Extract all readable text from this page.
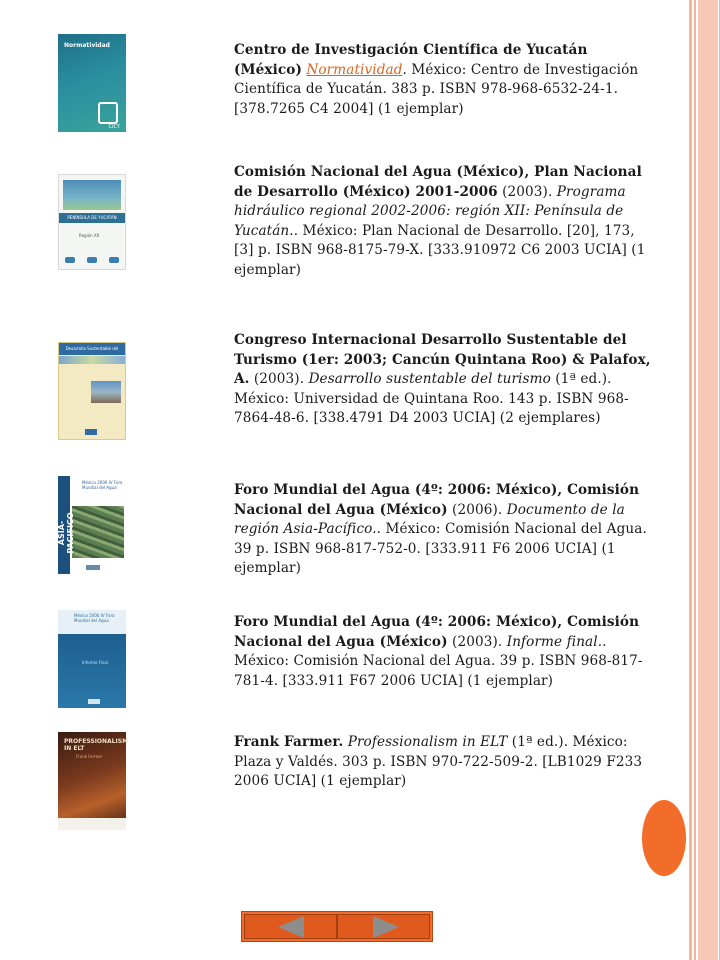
Normatividad
CICY
Centro de Investigación Científica de Yucatán (México) Normatividad. México: Centro de Investigación Científica de Yucatán. 383 p. ISBN 978-968-6532-24-1. [378.7265 C4 2004] (1 ejemplar)
PENÍNSULA DE YUCATÁN
Región XII
Comisión Nacional del Agua (México), Plan Nacional de Desarrollo (México) 2001-2006 (2003). Programa hidráulico regional 2002-2006: región XII: Península de Yucatán.. México: Plan Nacional de Desarrollo. [20], 173, [3] p. ISBN 968-8175-79-X. [333.910972 C6 2003 UCIA] (1 ejemplar)
Desarrollo Sustentable del
Congreso Internacional Desarrollo Sustentable del Turismo (1er: 2003; Cancún Quintana Roo) & Palafox, A. (2003). Desarrollo sustentable del turismo (1ª ed.). México: Universidad de Quintana Roo. 143 p. ISBN 968-7864-48-6. [338.4791 D4 2003 UCIA] (2 ejemplares)
ASIA-PACIFICO
México 2006 IV Foro Mundial del Agua	Foro Mundial del Agua (4º: 2006: México), Comisión Nacional del Agua (México) (2006). Documento de la región Asia-Pacífico.. México: Comisión Nacional del Agua. 39 p. ISBN 968-817-752-0. [333.911 F6 2006 UCIA] (1 ejemplar)
México 2006 IV Foro Mundial del Agua
Informe Final
Foro Mundial del Agua (4º: 2006: México), Comisión Nacional del Agua (México) (2003). Informe final.. México: Comisión Nacional del Agua. 39 p. ISBN 968-817-781-4. [333.911 F67 2006 UCIA] (1 ejemplar)
PROFESSIONALISM IN ELT
Frank Farmer
Frank Farmer. Professionalism in ELT (1ª ed.). México: Plaza y Valdés. 303 p. ISBN 970-722-509-2. [LB1029 F233 2006 UCIA] (1 ejemplar)
